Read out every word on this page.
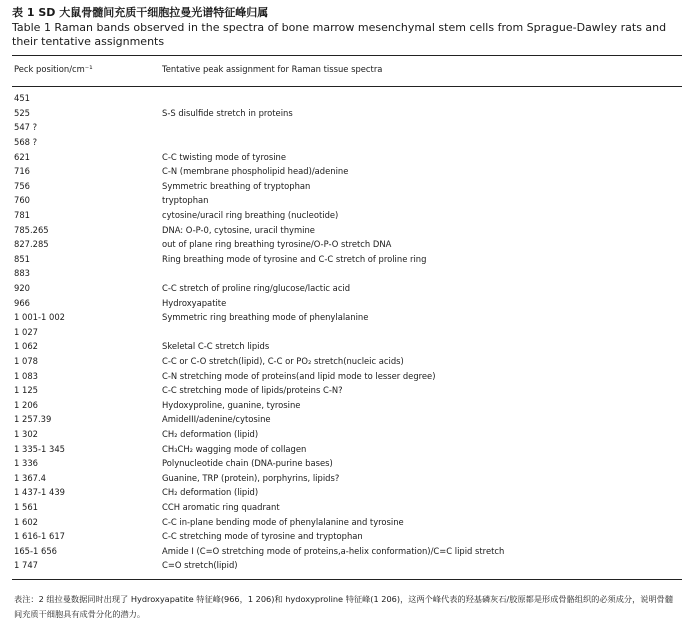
表 1 SD 大鼠骨髓间充质干细胞拉曼光谱特征峰归属
Table 1 Raman bands observed in the spectra of bone marrow mesenchymal stem cells from Sprague-Dawley rats and their tentative assignments
Peck position/cm⁻¹	Tentative peak assignment for Raman tissue spectra
451
525	S-S disulfide stretch in proteins
547 ?
568 ?
621	C-C twisting mode of tyrosine
716	C-N (membrane phospholipid head)/adenine
756	Symmetric breathing of tryptophan
760	tryptophan
781	cytosine/uracil ring breathing (nucleotide)
785.265	DNA: O-P-0, cytosine, uracil thymine
827.285	out of plane ring breathing tyrosine/O-P-O stretch DNA
851	Ring breathing mode of tyrosine and C-C stretch of proline ring
883
920	C-C stretch of proline ring/glucose/lactic acid
966	Hydroxyapatite
1 001-1 002	Symmetric ring breathing mode of phenylalanine
1 027
1 062	Skeletal C-C stretch lipids
1 078	C-C or C-O stretch(lipid), C-C or PO₂ stretch(nucleic acids)
1 083	C-N stretching mode of proteins(and lipid mode to lesser degree)
1 125	C-C stretching mode of lipids/proteins C-N?
1 206	Hydoxyproline, guanine, tyrosine
1 257.39	AmideIII/adenine/cytosine
1 302	CH₂ deformation (lipid)
1 335-1 345	CH₃CH₂ wagging mode of collagen
1 336	Polynucleotide chain (DNA-purine bases)
1 367.4	Guanine, TRP (protein), porphyrins, lipids?
1 437-1 439	CH₂ deformation (lipid)
1 561	CCH aromatic ring quadrant
1 602	C-C in-plane bending mode of phenylalanine and tyrosine
1 616-1 617	C-C stretching mode of tyrosine and tryptophan
165-1 656	Amide I (C=O stretching mode of proteins,a-helix conformation)/C=C lipid stretch
1 747	C=O stretch(lipid)
表注：2 组拉曼数据同时出现了 Hydroxyapatite 特征峰(966，1 206)和 hydoxyproline 特征峰(1 206)，这两个峰代表的羟基磷灰石/胶原都是形成骨骼组织的必须成分，说明骨髓间充质干细胞具有成骨分化的潜力。
